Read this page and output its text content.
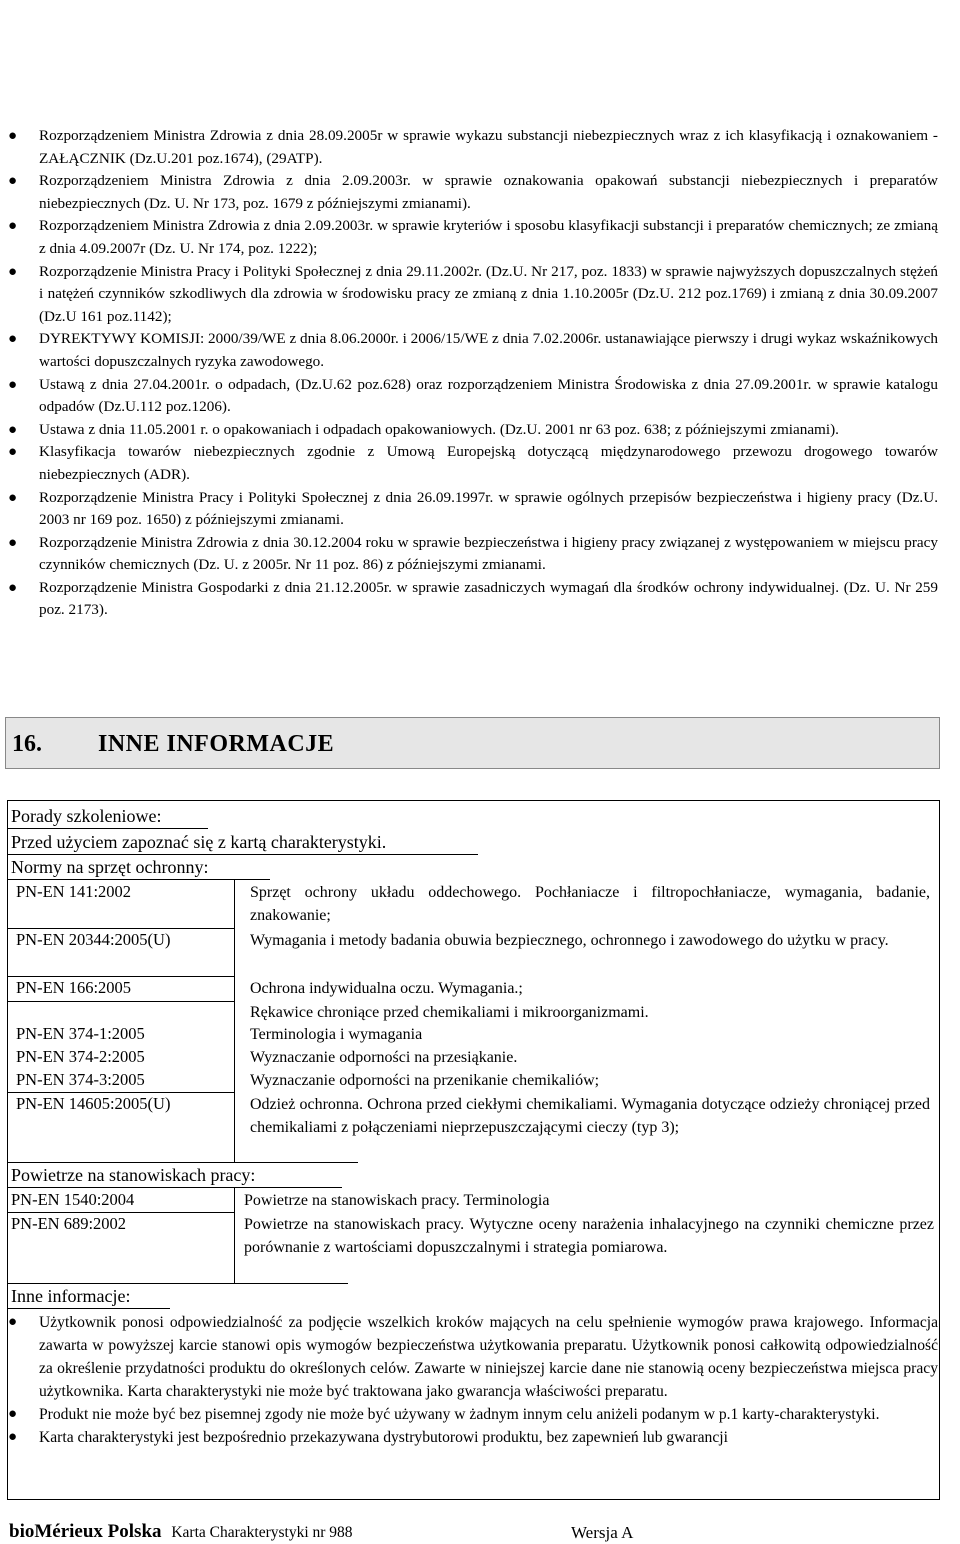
BioMérieux
Polska Sp. z o.o.
Warszawa
KARTA CHARAKTERYSTYKI
Na podstawie Rozp. REACH (WE) Nr 1907/2006; art.31; załącznik II
QUICKVUE CHLAMYDIA TEST REAGENT B
Data wydania: 20.10.2008
Data aktualizacji: 09.03.2009
Strona/stron 6/7
● Rozporządzeniem Ministra Zdrowia z dnia 28.09.2005r w sprawie wykazu substancji niebezpiecznych wraz z ich klasyfikacją i oznakowaniem - ZAŁĄCZNIK (Dz.U.201 poz.1674), (29ATP).
● Rozporządzeniem Ministra Zdrowia z dnia 2.09.2003r. w sprawie oznakowania opakowań substancji niebezpiecznych i preparatów niebezpiecznych (Dz. U. Nr 173, poz. 1679 z późniejszymi zmianami).
● Rozporządzeniem Ministra Zdrowia z dnia 2.09.2003r. w sprawie kryteriów i sposobu klasyfikacji substancji i preparatów chemicznych; ze zmianą z dnia 4.09.2007r (Dz. U. Nr 174, poz. 1222);
● Rozporządzenie Ministra Pracy i Polityki Społecznej z dnia 29.11.2002r. (Dz.U. Nr 217, poz. 1833) w sprawie najwyższych dopuszczalnych stężeń i natężeń czynników szkodliwych dla zdrowia w środowisku pracy ze zmianą z dnia 1.10.2005r (Dz.U. 212 poz.1769) i zmianą z dnia 30.09.2007 (Dz.U 161 poz.1142);
● DYREKTYWY KOMISJI: 2000/39/WE z dnia 8.06.2000r. i 2006/15/WE z dnia 7.02.2006r. ustanawiające pierwszy i drugi wykaz wskaźnikowych wartości dopuszczalnych ryzyka zawodowego.
● Ustawą z dnia 27.04.2001r. o odpadach, (Dz.U.62 poz.628) oraz rozporządzeniem Ministra Środowiska z dnia 27.09.2001r. w sprawie katalogu odpadów (Dz.U.112 poz.1206).
● Ustawa z dnia 11.05.2001 r. o opakowaniach i odpadach opakowaniowych. (Dz.U. 2001 nr 63 poz. 638; z późniejszymi zmianami).
● Klasyfikacja towarów niebezpiecznych zgodnie z Umową Europejską dotyczącą międzynarodowego przewozu drogowego towarów niebezpiecznych (ADR).
● Rozporządzenie Ministra Pracy i Polityki Społecznej z dnia 26.09.1997r. w sprawie ogólnych przepisów bezpieczeństwa i higieny pracy (Dz.U. 2003 nr 169 poz. 1650) z późniejszymi zmianami.
● Rozporządzenie Ministra Zdrowia z dnia 30.12.2004 roku w sprawie bezpieczeństwa i higieny pracy związanej z występowaniem w miejscu pracy czynników chemicznych (Dz. U. z 2005r. Nr 11 poz. 86) z późniejszymi zmianami.
● Rozporządzenie Ministra Gospodarki z dnia 21.12.2005r. w sprawie zasadniczych wymagań dla środków ochrony indywidualnej. (Dz. U. Nr 259 poz. 2173).
16. INNE INFORMACJE
Porady szkoleniowe:
Przed użyciem zapoznać się z kartą charakterystyki.
Normy na sprzęt ochronny:
PN-EN 141:2002	Sprzęt ochrony układu oddechowego. Pochłaniacze i filtropochłaniacze, wymagania, badanie, znakowanie;
PN-EN 20344:2005(U)	Wymagania i metody badania obuwia bezpiecznego, ochronnego i zawodowego do użytku w pracy.
PN-EN 166:2005	Ochrona indywidualna oczu. Wymagania.;
Rękawice chroniące przed chemikaliami i mikroorganizmami.
PN-EN 374-1:2005	Terminologia i wymagania
PN-EN 374-2:2005	Wyznaczanie odporności na przesiąkanie.
PN-EN 374-3:2005	Wyznaczanie odporności na przenikanie chemikaliów;
PN-EN 14605:2005(U)	Odzież ochronna. Ochrona przed ciekłymi chemikaliami. Wymagania dotyczące odzieży chroniącej przed chemikaliami z połączeniami nieprzepuszczającymi cieczy (typ 3);
Powietrze na stanowiskach pracy:
PN-EN 1540:2004	Powietrze na stanowiskach pracy. Terminologia
PN-EN 689:2002	Powietrze na stanowiskach pracy. Wytyczne oceny narażenia inhalacyjnego na czynniki chemiczne przez porównanie z wartościami dopuszczalnymi i strategia pomiarowa.
Inne informacje:
● Użytkownik ponosi odpowiedzialność za podjęcie wszelkich kroków mających na celu spełnienie wymogów prawa krajowego. Informacja zawarta w powyższej karcie stanowi opis wymogów bezpieczeństwa użytkowania preparatu. Użytkownik ponosi całkowitą odpowiedzialność za określenie przydatności produktu do określonych celów. Zawarte w niniejszej karcie dane nie stanowią oceny bezpieczeństwa miejsca pracy użytkownika. Karta charakterystyki nie może być traktowana jako gwarancja właściwości preparatu.
● Produkt nie może być bez pisemnej zgody nie może być używany w żadnym innym celu aniżeli podanym w p.1 karty-charakterystyki.
● Karta charakterystyki jest bezpośrednio przekazywana dystrybutorowi produktu, bez zapewnień lub gwarancji
bioMérieux Polska Karta Charakterystyki nr 988	Wersja A
